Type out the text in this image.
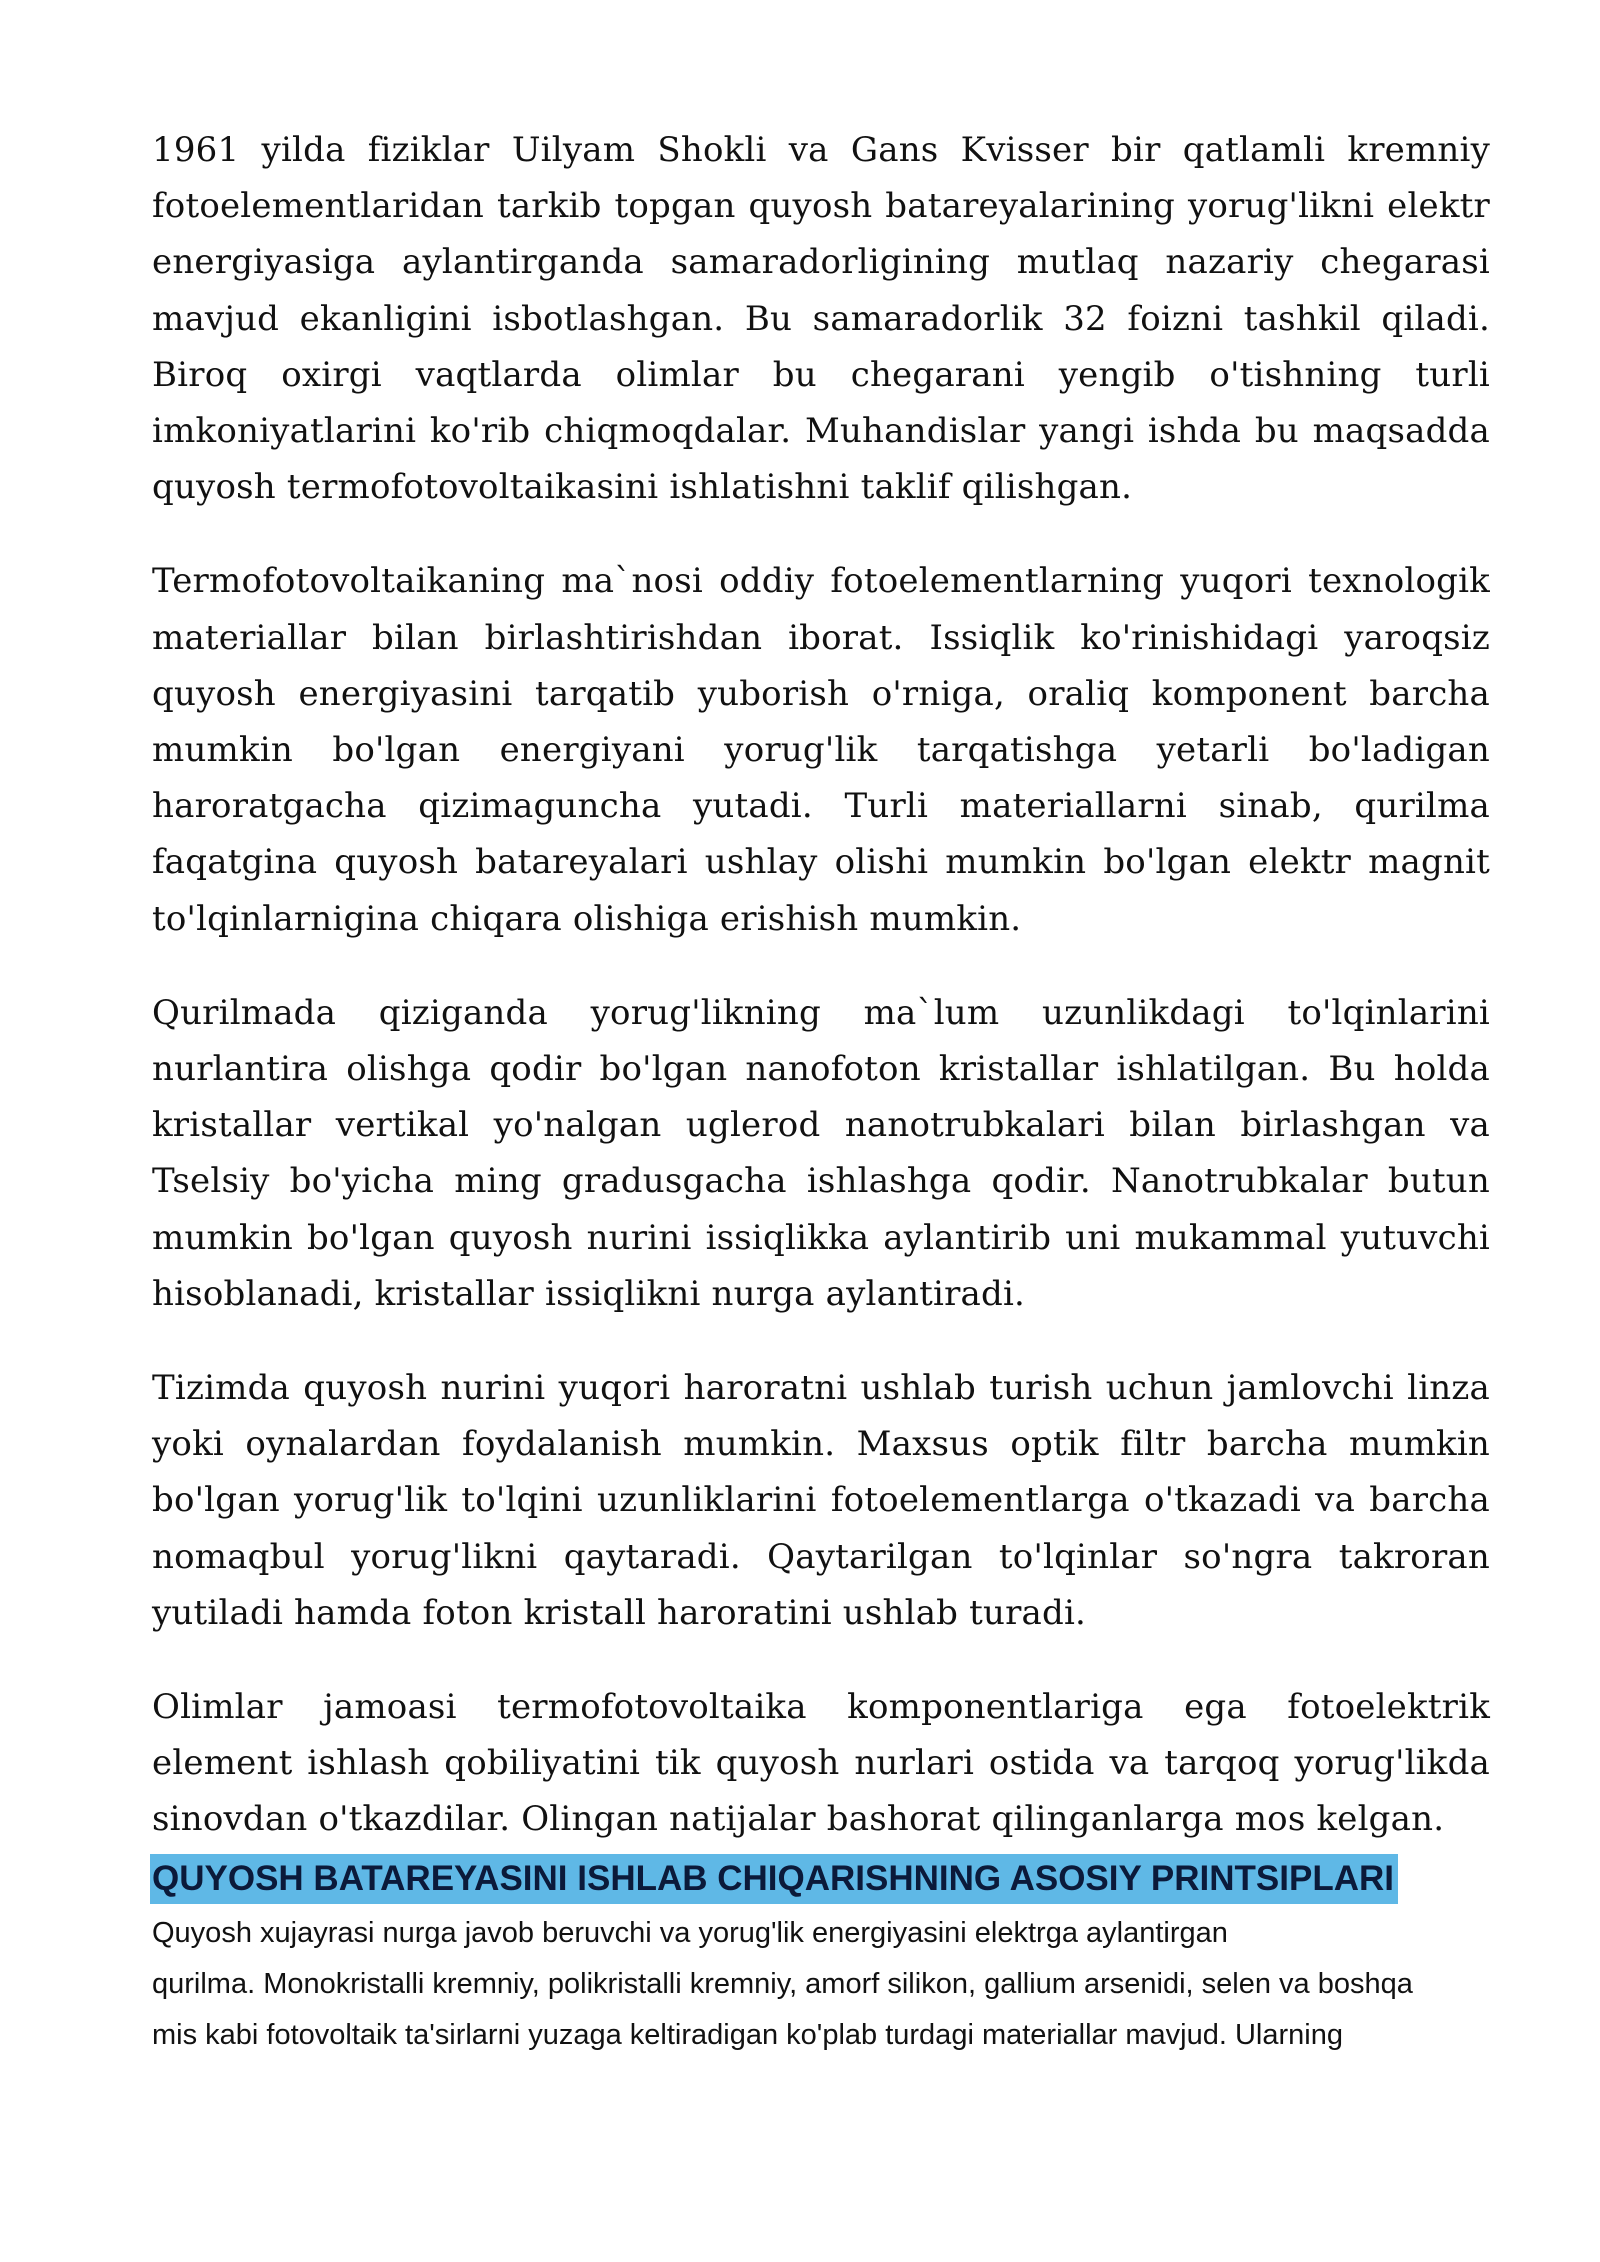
1961 yilda fiziklar Uilyam Shokli va Gans Kvisser bir qatlamli kremniy fotoelementlaridan tarkib topgan quyosh batareyalarining yorug'likni elektr energiyasiga aylantirganda samaradorligining mutlaq nazariy chegarasi mavjud ekanligini isbotlashgan. Bu samaradorlik 32 foizni tashkil qiladi. Biroq oxirgi vaqtlarda olimlar bu chegarani yengib o'tishning turli imkoniyatlarini ko'rib chiqmoqdalar. Muhandislar yangi ishda bu maqsadda quyosh termofotovoltaikasini ishlatishni taklif qilishgan.

Termofotovoltaikaning ma`nosi oddiy fotoelementlarning yuqori texnologik materiallar bilan birlashtirishdan iborat. Issiqlik ko'rinishidagi yaroqsiz quyosh energiyasini tarqatib yuborish o'rniga, oraliq komponent barcha mumkin bo'lgan energiyani yorug'lik tarqatishga yetarli bo'ladigan haroratgacha qizimaguncha yutadi. Turli materiallarni sinab, qurilma faqatgina quyosh batareyalari ushlay olishi mumkin bo'lgan elektr magnit to'lqinlarnigina chiqara olishiga erishish mumkin.

Qurilmada qiziganda yorug'likning ma`lum uzunlikdagi to'lqinlarini nurlantira olishga qodir bo'lgan nanofoton kristallar ishlatilgan. Bu holda kristallar vertikal yo'nalgan uglerod nanotrubkalari bilan birlashgan va Tselsiy bo'yicha ming gradusgacha ishlashga qodir. Nanotrubkalar butun mumkin bo'lgan quyosh nurini issiqlikka aylantirib uni mukammal yutuvchi hisoblanadi, kristallar issiqlikni nurga aylantiradi.

Tizimda quyosh nurini yuqori haroratni ushlab turish uchun jamlovchi linza yoki oynalardan foydalanish mumkin. Maxsus optik filtr barcha mumkin bo'lgan yorug'lik to'lqini uzunliklarini fotoelementlarga o'tkazadi va barcha nomaqbul yorug'likni qaytaradi. Qaytarilgan to'lqinlar so'ngra takroran yutiladi hamda foton kristall haroratini ushlab turadi.

Olimlar jamoasi termofotovoltaika komponentlariga ega fotoelektrik element ishlash qobiliyatini tik quyosh nurlari ostida va tarqoq yorug'likda sinovdan o'tkazdilar. Olingan natijalar bashorat qilinganlarga mos kelgan.

QUYOSH BATAREYASINI ISHLAB CHIQARISHNING ASOSIY PRINTSIPLARI

Quyosh xujayrasi nurga javob beruvchi va yorug'lik energiyasini elektrga aylantirgan

qurilma. Monokristalli kremniy, polikristalli kremniy, amorf silikon, gallium arsenidi, selen va boshqa

mis kabi fotovoltaik ta'sirlarni yuzaga keltiradigan ko'plab turdagi materiallar mavjud. Ularning
